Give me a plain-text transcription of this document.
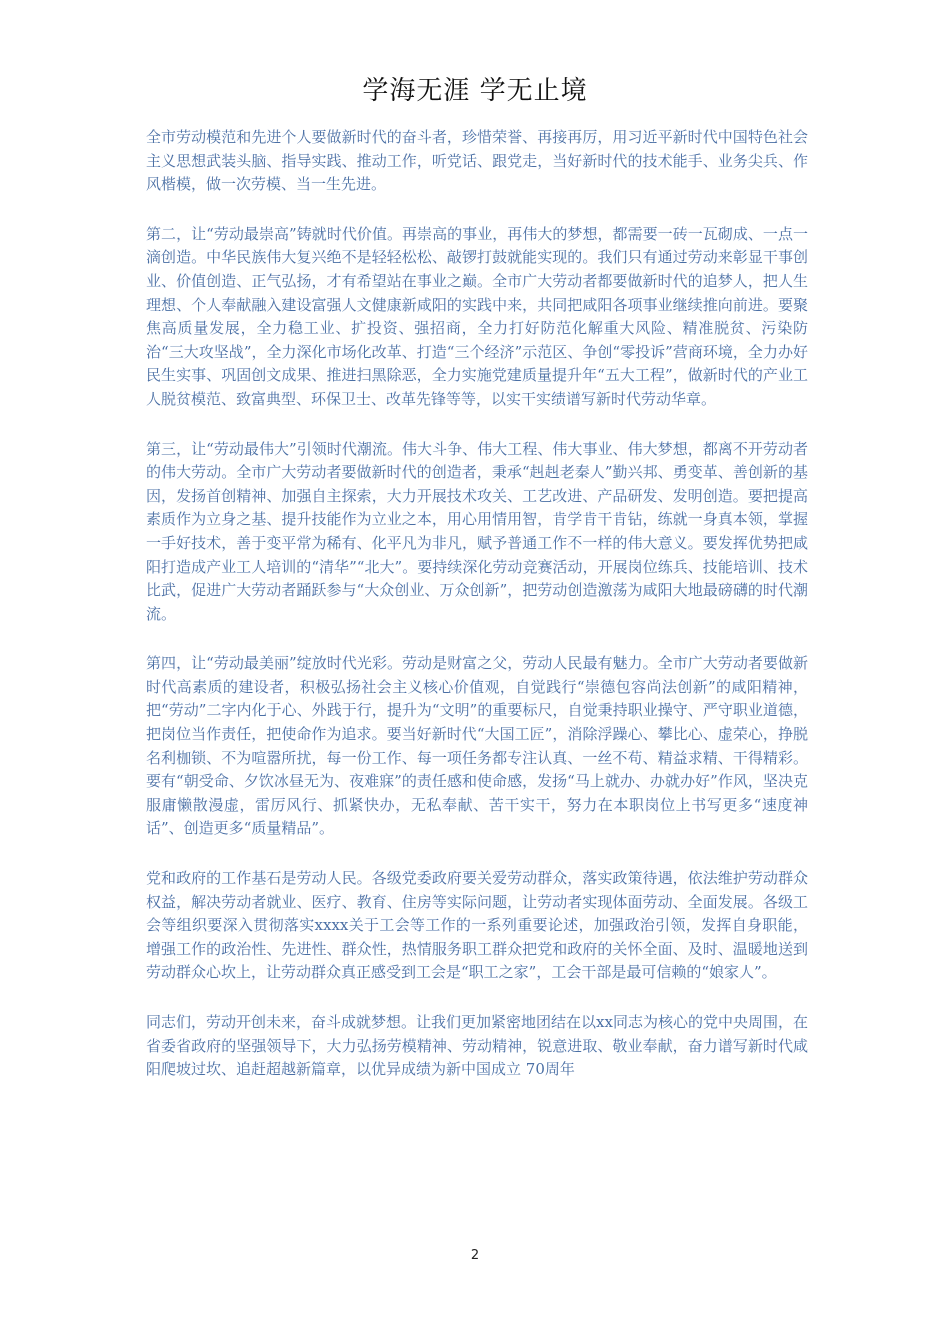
学海无涯 学无止境

全市劳动模范和先进个人要做新时代的奋斗者，珍惜荣誉、再接再厉，用习近平新时代中国特色社会主义思想武装头脑、指导实践、推动工作，听党话、跟党走，当好新时代的技术能手、业务尖兵、作风楷模，做一次劳模、当一生先进。

第二，让“劳动最崇高”铸就时代价值。再崇高的事业，再伟大的梦想，都需要一砖一瓦砌成、一点一滴创造。中华民族伟大复兴绝不是轻轻松松、敲锣打鼓就能实现的。我们只有通过劳动来彰显干事创业、价值创造、正气弘扬，才有希望站在事业之巅。全市广大劳动者都要做新时代的追梦人，把人生理想、个人奉献融入建设富强人文健康新咸阳的实践中来，共同把咸阳各项事业继续推向前进。要聚焦高质量发展，全力稳工业、扩投资、强招商，全力打好防范化解重大风险、精准脱贫、污染防治“三大攻坚战”，全力深化市场化改革、打造“三个经济”示范区、争创“零投诉”营商环境，全力办好民生实事、巩固创文成果、推进扫黑除恶，全力实施党建质量提升年“五大工程”，做新时代的产业工人脱贫模范、致富典型、环保卫士、改革先锋等等，以实干实绩谱写新时代劳动华章。

第三，让“劳动最伟大”引领时代潮流。伟大斗争、伟大工程、伟大事业、伟大梦想，都离不开劳动者的伟大劳动。全市广大劳动者要做新时代的创造者，秉承“赳赳老秦人”勤兴邦、勇变革、善创新的基因，发扬首创精神、加强自主探索，大力开展技术攻关、工艺改进、产品研发、发明创造。要把提高素质作为立身之基、提升技能作为立业之本，用心用情用智，肯学肯干肯钻，练就一身真本领，掌握一手好技术，善于变平常为稀有、化平凡为非凡，赋予普通工作不一样的伟大意义。要发挥优势把咸阳打造成产业工人培训的“清华”“北大”。要持续深化劳动竞赛活动，开展岗位练兵、技能培训、技术比武，促进广大劳动者踊跃参与“大众创业、万众创新”，把劳动创造激荡为咸阳大地最磅礴的时代潮流。

第四，让“劳动最美丽”绽放时代光彩。劳动是财富之父，劳动人民最有魅力。全市广大劳动者要做新时代高素质的建设者，积极弘扬社会主义核心价值观，自觉践行“崇德包容尚法创新”的咸阳精神，把“劳动”二字内化于心、外践于行，提升为“文明”的重要标尺，自觉秉持职业操守、严守职业道德，把岗位当作责任，把使命作为追求。要当好新时代“大国工匠”，消除浮躁心、攀比心、虚荣心，挣脱名利枷锁、不为喧嚣所扰，每一份工作、每一项任务都专注认真、一丝不苟、精益求精、干得精彩。要有“朝受命、夕饮冰昼无为、夜难寐”的责任感和使命感，发扬“马上就办、办就办好”作风，坚决克服庸懒散漫虚，雷厉风行、抓紧快办，无私奉献、苦干实干，努力在本职岗位上书写更多“速度神话”、创造更多“质量精品”。

党和政府的工作基石是劳动人民。各级党委政府要关爱劳动群众，落实政策待遇，依法维护劳动群众权益，解决劳动者就业、医疗、教育、住房等实际问题，让劳动者实现体面劳动、全面发展。各级工会等组织要深入贯彻落实xxxx关于工会等工作的一系列重要论述，加强政治引领，发挥自身职能，增强工作的政治性、先进性、群众性，热情服务职工群众把党和政府的关怀全面、及时、温暖地送到劳动群众心坎上，让劳动群众真正感受到工会是“职工之家”，工会干部是最可信赖的“娘家人”。

同志们，劳动开创未来，奋斗成就梦想。让我们更加紧密地团结在以xx同志为核心的党中央周围，在省委省政府的坚强领导下，大力弘扬劳模精神、劳动精神，锐意进取、敬业奉献，奋力谱写新时代咸阳爬坡过坎、追赶超越新篇章，以优异成绩为新中国成立 70周年

2
